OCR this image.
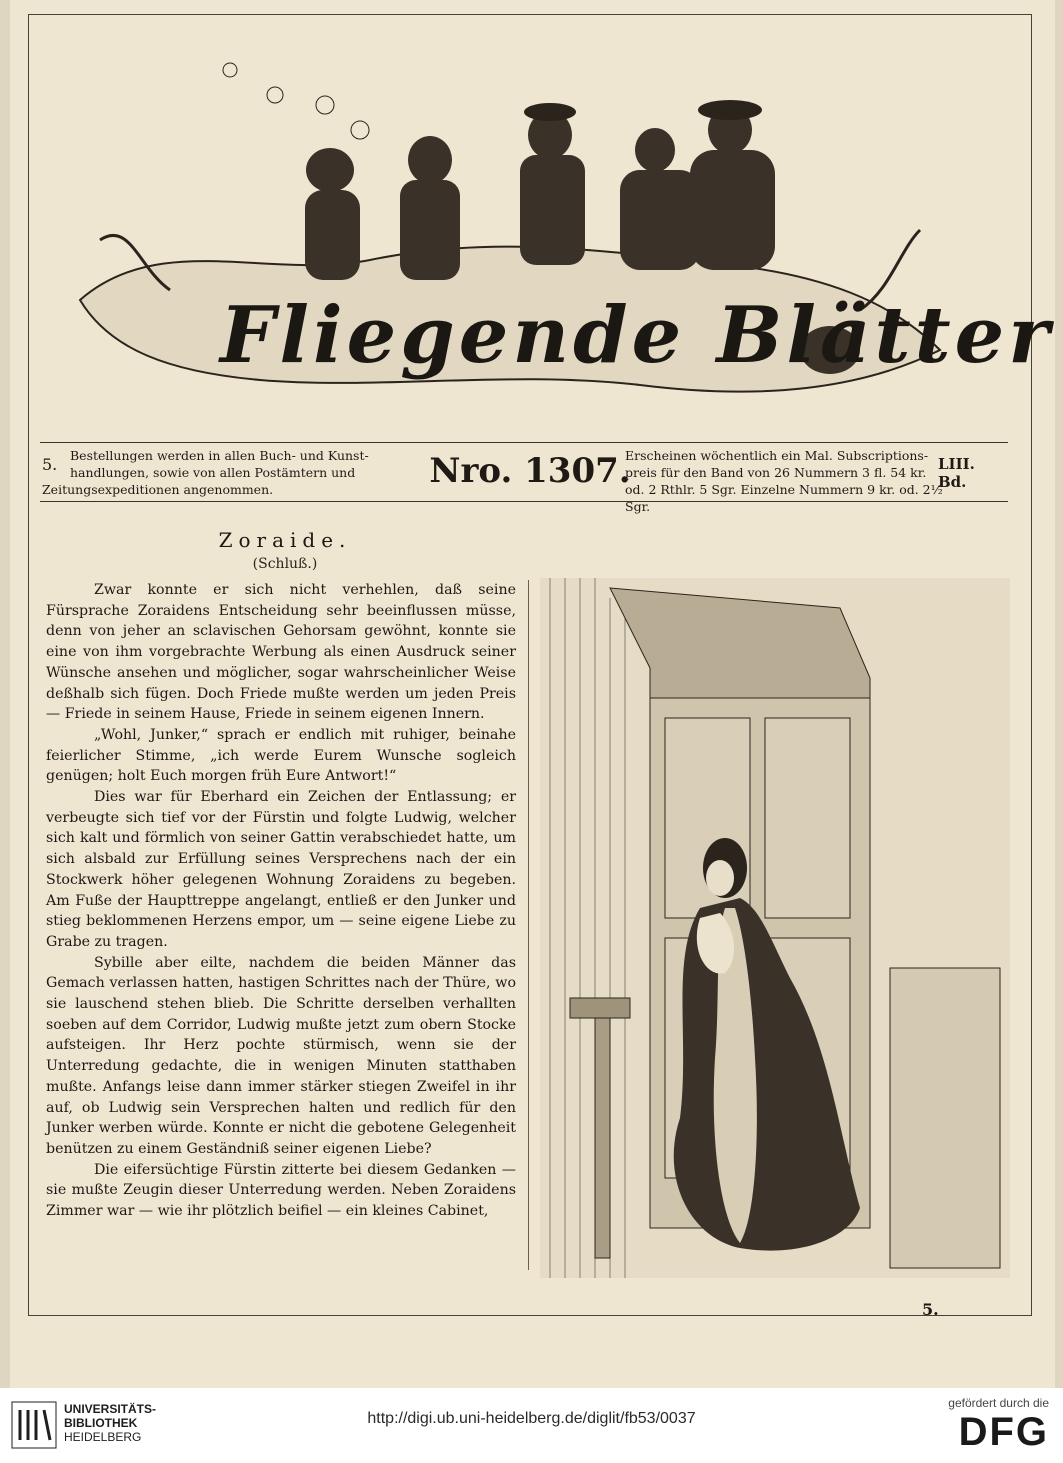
Fliegende Blätter
5. Bestellungen werden in allen Buch- und Kunst-
handlungen, sowie von allen Postämtern und
Zeitungsexpeditionen angenommen.	Nro. 1307.
Erscheinen wöchentlich ein Mal. Subscriptions-
preis für den Band von 26 Nummern 3 fl. 54 kr.
od. 2 Rthlr. 5 Sgr. Einzelne Nummern 9 kr. od. 2½ Sgr.
LIII. Bd.
Zoraide.
(Schluß.)

Zwar konnte er sich nicht verhehlen, daß seine Fürsprache Zoraidens Entscheidung sehr beeinflussen müsse, denn von jeher an sclavischen Gehorsam gewöhnt, konnte sie eine von ihm vorgebrachte Werbung als einen Ausdruck seiner Wünsche ansehen und möglicher, sogar wahrscheinlicher Weise deßhalb sich fügen. Doch Friede mußte werden um jeden Preis — Friede in seinem Hause, Friede in seinem eigenen Innern.

„Wohl, Junker,“ sprach er endlich mit ruhiger, beinahe feierlicher Stimme, „ich werde Eurem Wunsche sogleich genügen; holt Euch morgen früh Eure Antwort!“

Dies war für Eberhard ein Zeichen der Entlassung; er verbeugte sich tief vor der Fürstin und folgte Ludwig, welcher sich kalt und förmlich von seiner Gattin verabschiedet hatte, um sich alsbald zur Erfüllung seines Versprechens nach der ein Stockwerk höher gelegenen Wohnung Zoraidens zu begeben. Am Fuße der Haupttreppe angelangt, entließ er den Junker und stieg beklommenen Herzens empor, um — seine eigene Liebe zu Grabe zu tragen.

Sybille aber eilte, nachdem die beiden Männer das Gemach verlassen hatten, hastigen Schrittes nach der Thüre, wo sie lauschend stehen blieb. Die Schritte derselben verhallten soeben auf dem Corridor, Ludwig mußte jetzt zum obern Stocke aufsteigen. Ihr Herz pochte stürmisch, wenn sie der Unterredung gedachte, die in wenigen Minuten statthaben mußte. Anfangs leise dann immer stärker stiegen Zweifel in ihr auf, ob Ludwig sein Versprechen halten und redlich für den Junker werben würde. Konnte er nicht die gebotene Gelegenheit benützen zu einem Geständniß seiner eigenen Liebe?

Die eifersüchtige Fürstin zitterte bei diesem Gedanken — sie mußte Zeugin dieser Unterredung werden. Neben Zoraidens Zimmer war — wie ihr plötzlich beifiel — ein kleines Cabinet,

5.
UNIVERSITÄTS-
BIBLIOTHEK
HEIDELBERG
http://digi.ub.uni-heidelberg.de/diglit/fb53/0037
gefördert durch die
DFG
